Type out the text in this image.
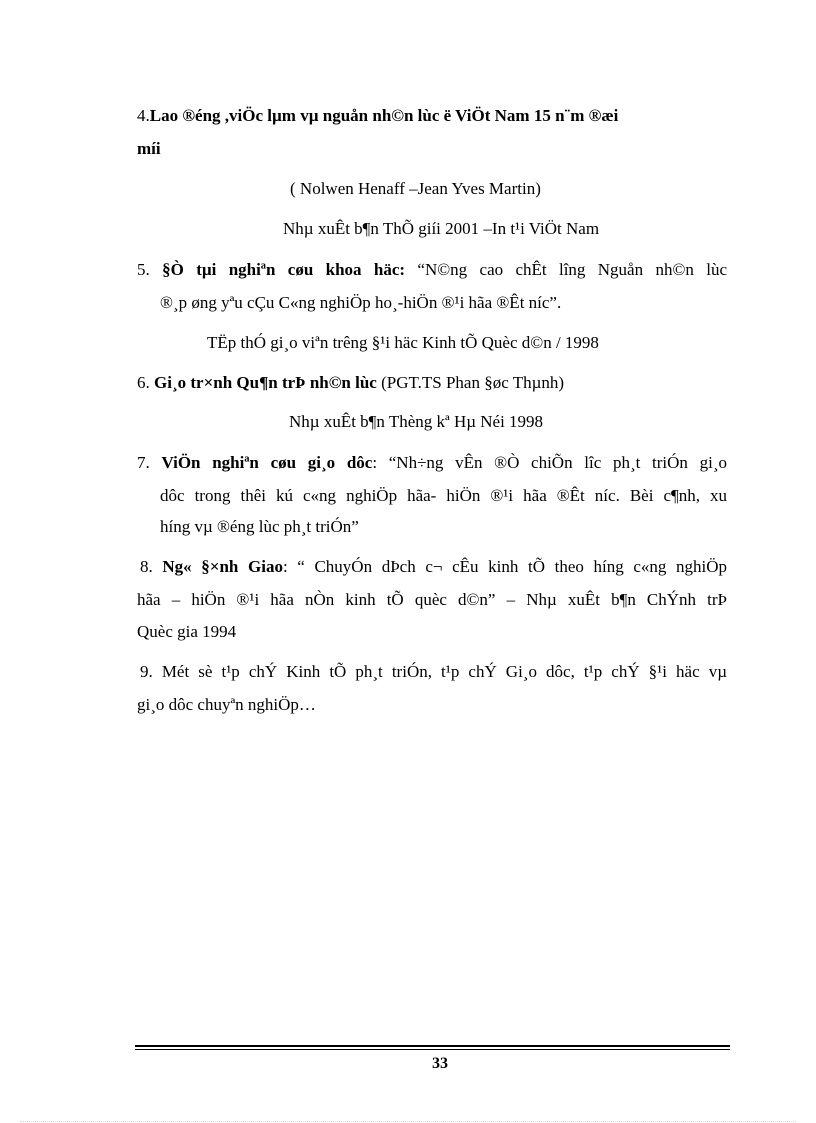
4.Lao ®éng ,viÖc lµm vµ nguån nh©n lùc ë ViÖt Nam 15 n¨m ®æi
míi
( Nolwen Henaff –Jean Yves Martin)
Nhµ xuÊt b¶n ThÕ giíi 2001 –In t¹i ViÖt Nam
5. §Ò tµi nghiªn cøu khoa häc: “N©ng cao chÊt lîng Nguån nh©n lùc
®¸p øng yªu cÇu C«ng nghiÖp ho¸-hiÖn ®¹i hãa ®Êt níc”.
TËp thÓ gi¸o viªn trêng §¹i häc Kinh tÕ Quèc d©n / 1998
6. Gi¸o tr×nh Qu¶n trÞ nh©n lùc (PGT.TS Phan §øc Thµnh)
Nhµ xuÊt b¶n Thèng kª Hµ Néi 1998
7. ViÖn nghiªn cøu gi¸o dôc: “Nh÷ng vÊn ®Ò chiÕn lîc ph¸t triÓn gi¸o
dôc trong thêi kú c«ng nghiÖp hãa- hiÖn ®¹i hãa ®Êt níc. Bèi c¶nh, xu
híng vµ ®éng lùc ph¸t triÓn”
8. Ng« §×nh Giao: “ ChuyÓn dÞch c¬ cÊu kinh tÕ theo híng c«ng nghiÖp
hãa – hiÖn ®¹i hãa nÒn kinh tÕ quèc d©n” – Nhµ xuÊt b¶n ChÝnh trÞ
Quèc gia 1994
9. Mét sè t¹p chÝ Kinh tÕ ph¸t triÓn, t¹p chÝ Gi¸o dôc, t¹p chÝ §¹i häc vµ
gi¸o dôc chuyªn nghiÖp…
33
